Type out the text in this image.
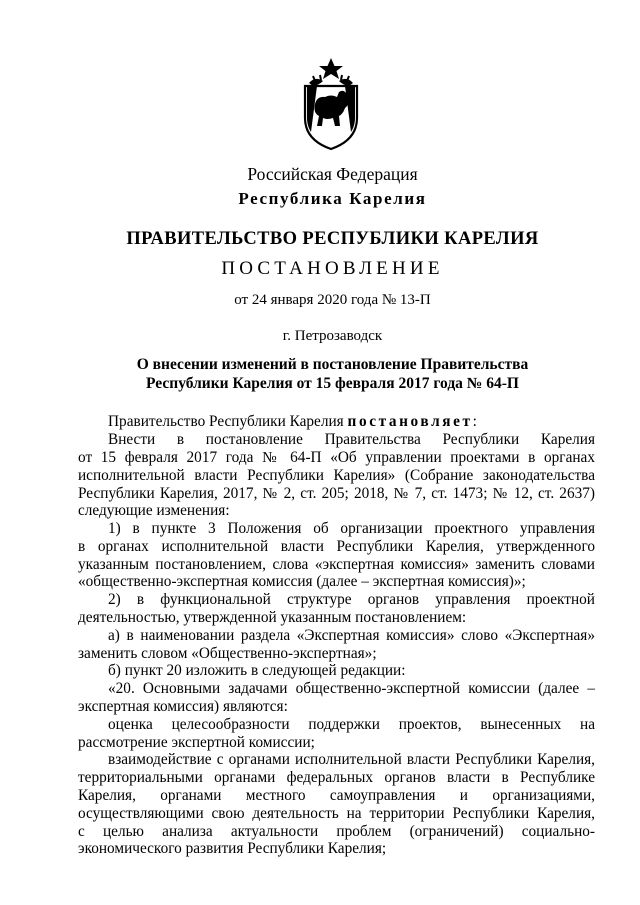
Российская Федерация
Республика Карелия
ПРАВИТЕЛЬСТВО РЕСПУБЛИКИ КАРЕЛИЯ
ПОСТАНОВЛЕНИЕ
от 24 января 2020 года № 13-П
г. Петрозаводск
О внесении изменений в постановление Правительства
Республики Карелия от 15 февраля 2017 года № 64-П
Правительство Республики Карелия постановляет:
Внести в постановление Правительства Республики Карелия
от 15 февраля 2017 года № 64-П «Об управлении проектами в органах
исполнительной власти Республики Карелия» (Собрание законодательства
Республики Карелия, 2017, № 2, ст. 205; 2018, № 7, ст. 1473; № 12, ст. 2637)
следующие изменения:
1) в пункте 3 Положения об организации проектного управления
в органах исполнительной власти Республики Карелия, утвержденного
указанным постановлением, слова «экспертная комиссия» заменить словами
«общественно-экспертная комиссия (далее – экспертная комиссия)»;
2) в функциональной структуре органов управления проектной
деятельностью, утвержденной указанным постановлением:
а) в наименовании раздела «Экспертная комиссия» слово «Экспертная»
заменить словом «Общественно-экспертная»;
б) пункт 20 изложить в следующей редакции:
«20. Основными задачами общественно-экспертной комиссии (далее –
экспертная комиссия) являются:
оценка целесообразности поддержки проектов, вынесенных на
рассмотрение экспертной комиссии;
взаимодействие с органами исполнительной власти Республики Карелия,
территориальными органами федеральных органов власти в Республике
Карелия, органами местного самоуправления и организациями,
осуществляющими свою деятельность на территории Республики Карелия,
с целью анализа актуальности проблем (ограничений) социально-
экономического развития Республики Карелия;
